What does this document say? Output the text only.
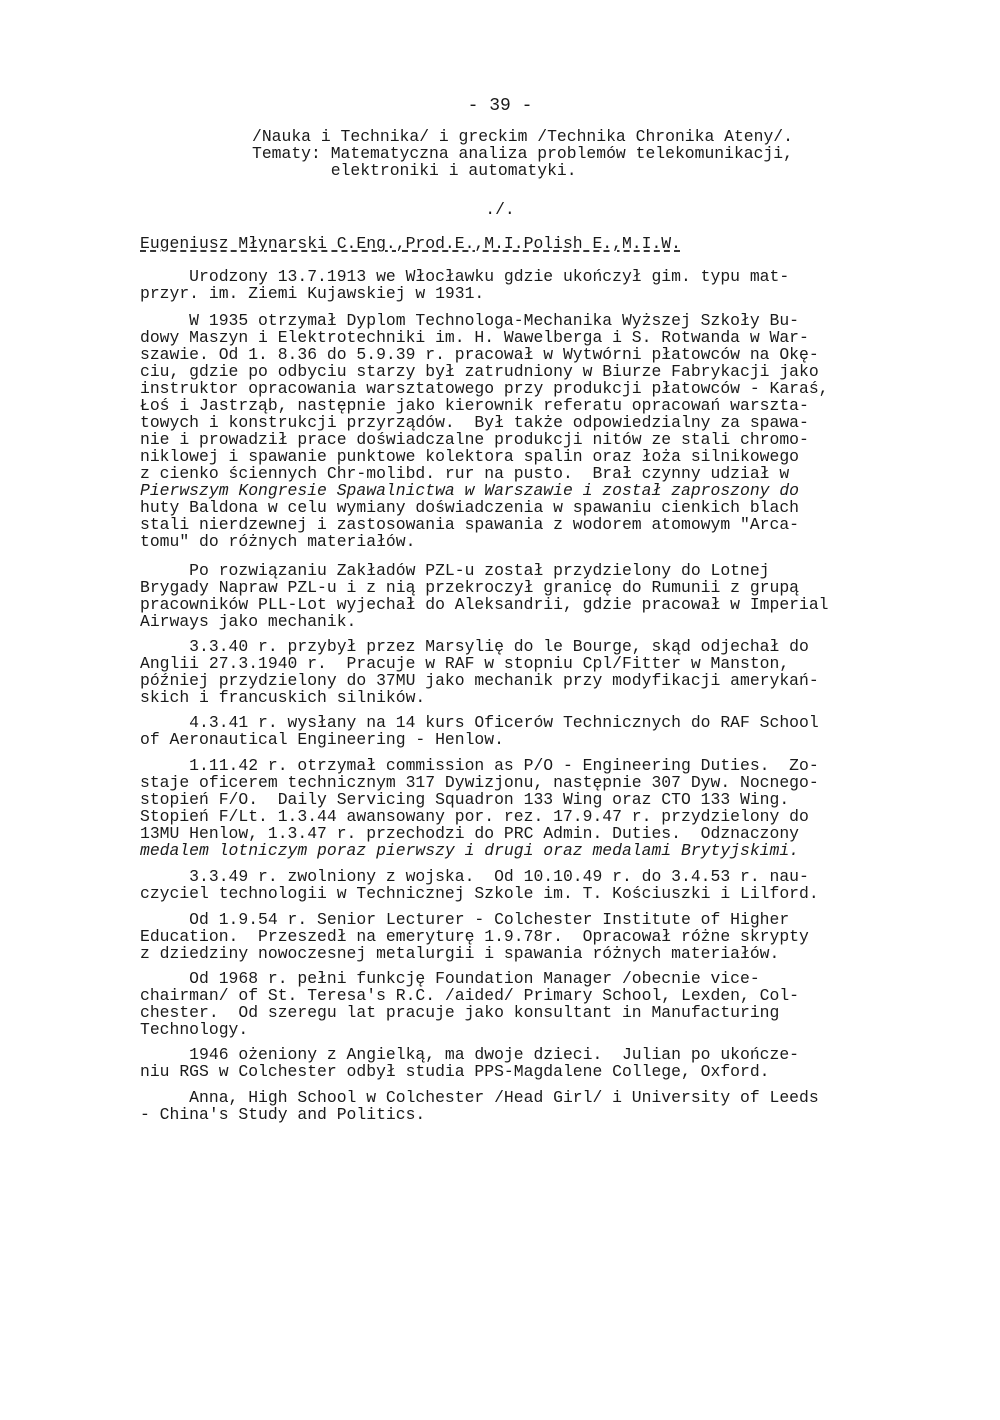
- 39 -
/Nauka i Technika/ i greckim /Technika Chronika Ateny/.
Tematy: Matematyczna analiza problemów telekomunikacji,
elektroniki i automatyki.
./.
Eugeniusz Młynarski C.Eng.,Prod.E.,M.I.Polish E.,M.I.W.
Urodzony 13.7.1913 we Włocławku gdzie ukończył gim. typu mat-
przyr. im. Ziemi Kujawskiej w 1931.
W 1935 otrzymał Dyplom Technologa-Mechanika Wyższej Szkoły Bu-
dowy Maszyn i Elektrotechniki im. H. Wawelberga i S. Rotwanda w War-
szawie. Od 1. 8.36 do 5.9.39 r. pracował w Wytwórni płatowców na Okę-
ciu, gdzie po odbyciu starzy był zatrudniony w Biurze Fabrykacji jako
instruktor opracowania warsztatowego przy produkcji płatowców - Karaś,
Łoś i Jastrząb, następnie jako kierownik referatu opracowań warszta-
towych i konstrukcji przyrządów.  Był także odpowiedzialny za spawa-
nie i prowadził prace doświadczalne produkcji nitów ze stali chromo-
niklowej i spawanie punktowe kolektora spalin oraz łoża silnikowego
z cienko ściennych Chr-molibd. rur na pusto.  Brał czynny udział w
Pierwszym Kongresie Spawalnictwa w Warszawie i został zaproszony do
huty Baldona w celu wymiany doświadczenia w spawaniu cienkich blach
stali nierdzewnej i zastosowania spawania z wodorem atomowym "Arca-
tomu" do różnych materiałów.
Po rozwiązaniu Zakładów PZL-u został przydzielony do Lotnej
Brygady Napraw PZL-u i z nią przekroczył granicę do Rumunii z grupą
pracowników PLL-Lot wyjechał do Aleksandrii, gdzie pracował w Imperial
Airways jako mechanik.
3.3.40 r. przybył przez Marsylię do le Bourge, skąd odjechał do
Anglii 27.3.1940 r.  Pracuje w RAF w stopniu Cpl/Fitter w Manston,
później przydzielony do 37MU jako mechanik przy modyfikacji amerykań-
skich i francuskich silników.
4.3.41 r. wysłany na 14 kurs Oficerów Technicznych do RAF School
of Aeronautical Engineering - Henlow.
1.11.42 r. otrzymał commission as P/O - Engineering Duties.  Zo-
staje oficerem technicznym 317 Dywizjonu, następnie 307 Dyw. Nocnego-
stopień F/O.  Daily Servicing Squadron 133 Wing oraz CTO 133 Wing.
Stopień F/Lt. 1.3.44 awansowany por. rez. 17.9.47 r. przydzielony do
13MU Henlow, 1.3.47 r. przechodzi do PRC Admin. Duties.  Odznaczony
medalem lotniczym poraz pierwszy i drugi oraz medalami Brytyjskimi.
3.3.49 r. zwolniony z wojska.  Od 10.10.49 r. do 3.4.53 r. nau-
czyciel technologii w Technicznej Szkole im. T. Kościuszki i Lilford.
Od 1.9.54 r. Senior Lecturer - Colchester Institute of Higher
Education.  Przeszedł na emeryturę 1.9.78r.  Opracował różne skrypty
z dziedziny nowoczesnej metalurgii i spawania różnych materiałów.
Od 1968 r. pełni funkcję Foundation Manager /obecnie vice-
chairman/ of St. Teresa's R.C. /aided/ Primary School, Lexden, Col-
chester.  Od szeregu lat pracuje jako konsultant in Manufacturing
Technology.
1946 ożeniony z Angielką, ma dwoje dzieci.  Julian po ukończe-
niu RGS w Colchester odbył studia PPS-Magdalene College, Oxford.
Anna, High School w Colchester /Head Girl/ i University of Leeds
- China's Study and Politics.
